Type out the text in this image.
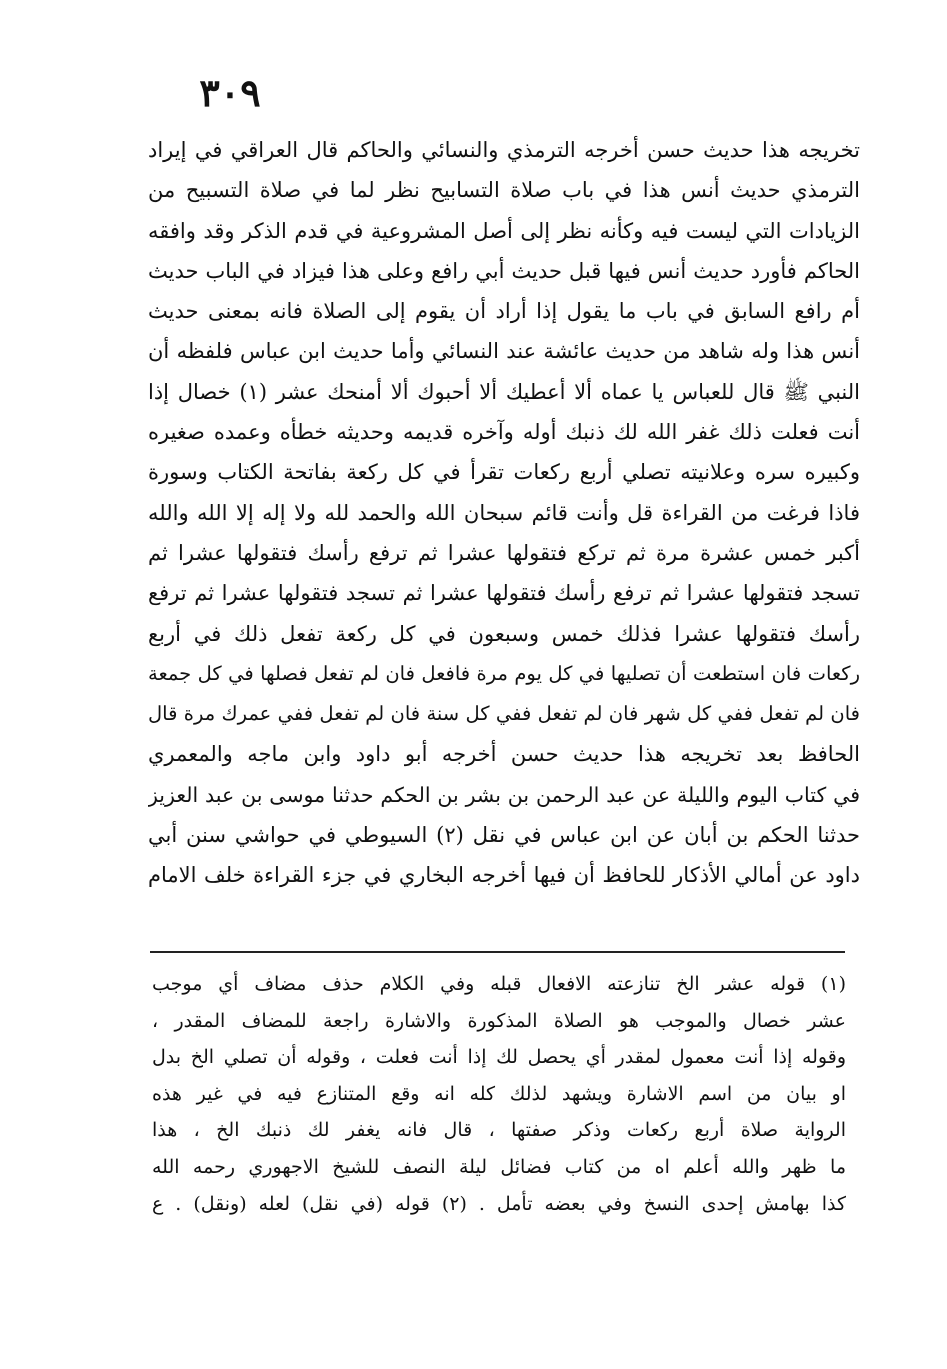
٣٠٩
تخريجه هذا حديث حسن أخرجه الترمذي والنسائي والحاكم قال العراقي في إيراد
الترمذي حديث أنس هذا في باب صلاة التسابيح نظر لما في صلاة التسبيح من
الزيادات التي ليست فيه وكأنه نظر إلى أصل المشروعية في قدم الذكر وقد وافقه
الحاكم فأورد حديث أنس فيها قبل حديث أبي رافع وعلى هذا فيزاد في الباب حديث
أم رافع السابق في باب ما يقول إذا أراد أن يقوم إلى الصلاة فانه بمعنى حديث
أنس هذا وله شاهد من حديث عائشة عند النسائي وأما حديث ابن عباس فلفظه أن
النبي ﷺ قال للعباس يا عماه ألا أعطيك ألا أحبوك ألا أمنحك عشر (١) خصال إذا
أنت فعلت ذلك غفر الله لك ذنبك أوله وآخره قديمه وحديثه خطأه وعمده صغيره
وكبيره سره وعلانيته تصلي أربع ركعات تقرأ في كل ركعة بفاتحة الكتاب وسورة
فاذا فرغت من القراءة قل وأنت قائم سبحان الله والحمد لله ولا إله إلا الله والله
أكبر خمس عشرة مرة ثم تركع فتقولها عشرا ثم ترفع رأسك فتقولها عشرا ثم
تسجد فتقولها عشرا ثم ترفع رأسك فتقولها عشرا ثم تسجد فتقولها عشرا ثم ترفع
رأسك فتقولها عشرا فذلك خمس وسبعون في كل ركعة تفعل ذلك في أربع
ركعات فان استطعت أن تصليها في كل يوم مرة فافعل فان لم تفعل فصلها في كل جمعة
فان لم تفعل ففي كل شهر فان لم تفعل ففي كل سنة فان لم تفعل ففي عمرك مرة قال
الحافظ بعد تخريجه هذا حديث حسن أخرجه أبو داود وابن ماجه والمعمري
في كتاب اليوم والليلة عن عبد الرحمن بن بشر بن الحكم حدثنا موسى بن عبد العزيز
حدثنا الحكم بن أبان عن ابن عباس في نقل (٢) السيوطي في حواشي سنن أبي
داود عن أمالي الأذكار للحافظ أن فيها أخرجه البخاري في جزء القراءة خلف الامام
(١) قوله عشر الخ تنازعته الافعال قبله وفي الكلام حذف مضاف أي موجب
عشر خصال والموجب هو الصلاة المذكورة والاشارة راجعة للمضاف المقدر ،
وقوله إذا أنت معمول لمقدر أي يحصل لك إذا أنت فعلت ، وقوله أن تصلي الخ بدل
او بيان من اسم الاشارة ويشهد لذلك كله انه وقع المتنازع فيه في غير هذه
الرواية صلاة أربع ركعات وذكر صفتها ، قال فانه يغفر لك ذنبك الخ ، هذا
ما ظهر والله أعلم اه من كتاب فضائل ليلة النصف للشيخ الاجهوري رحمه الله
كذا بهامش إحدى النسخ وفي بعضه تأمل . (٢) قوله (في نقل) لعله (ونقل) . ع
